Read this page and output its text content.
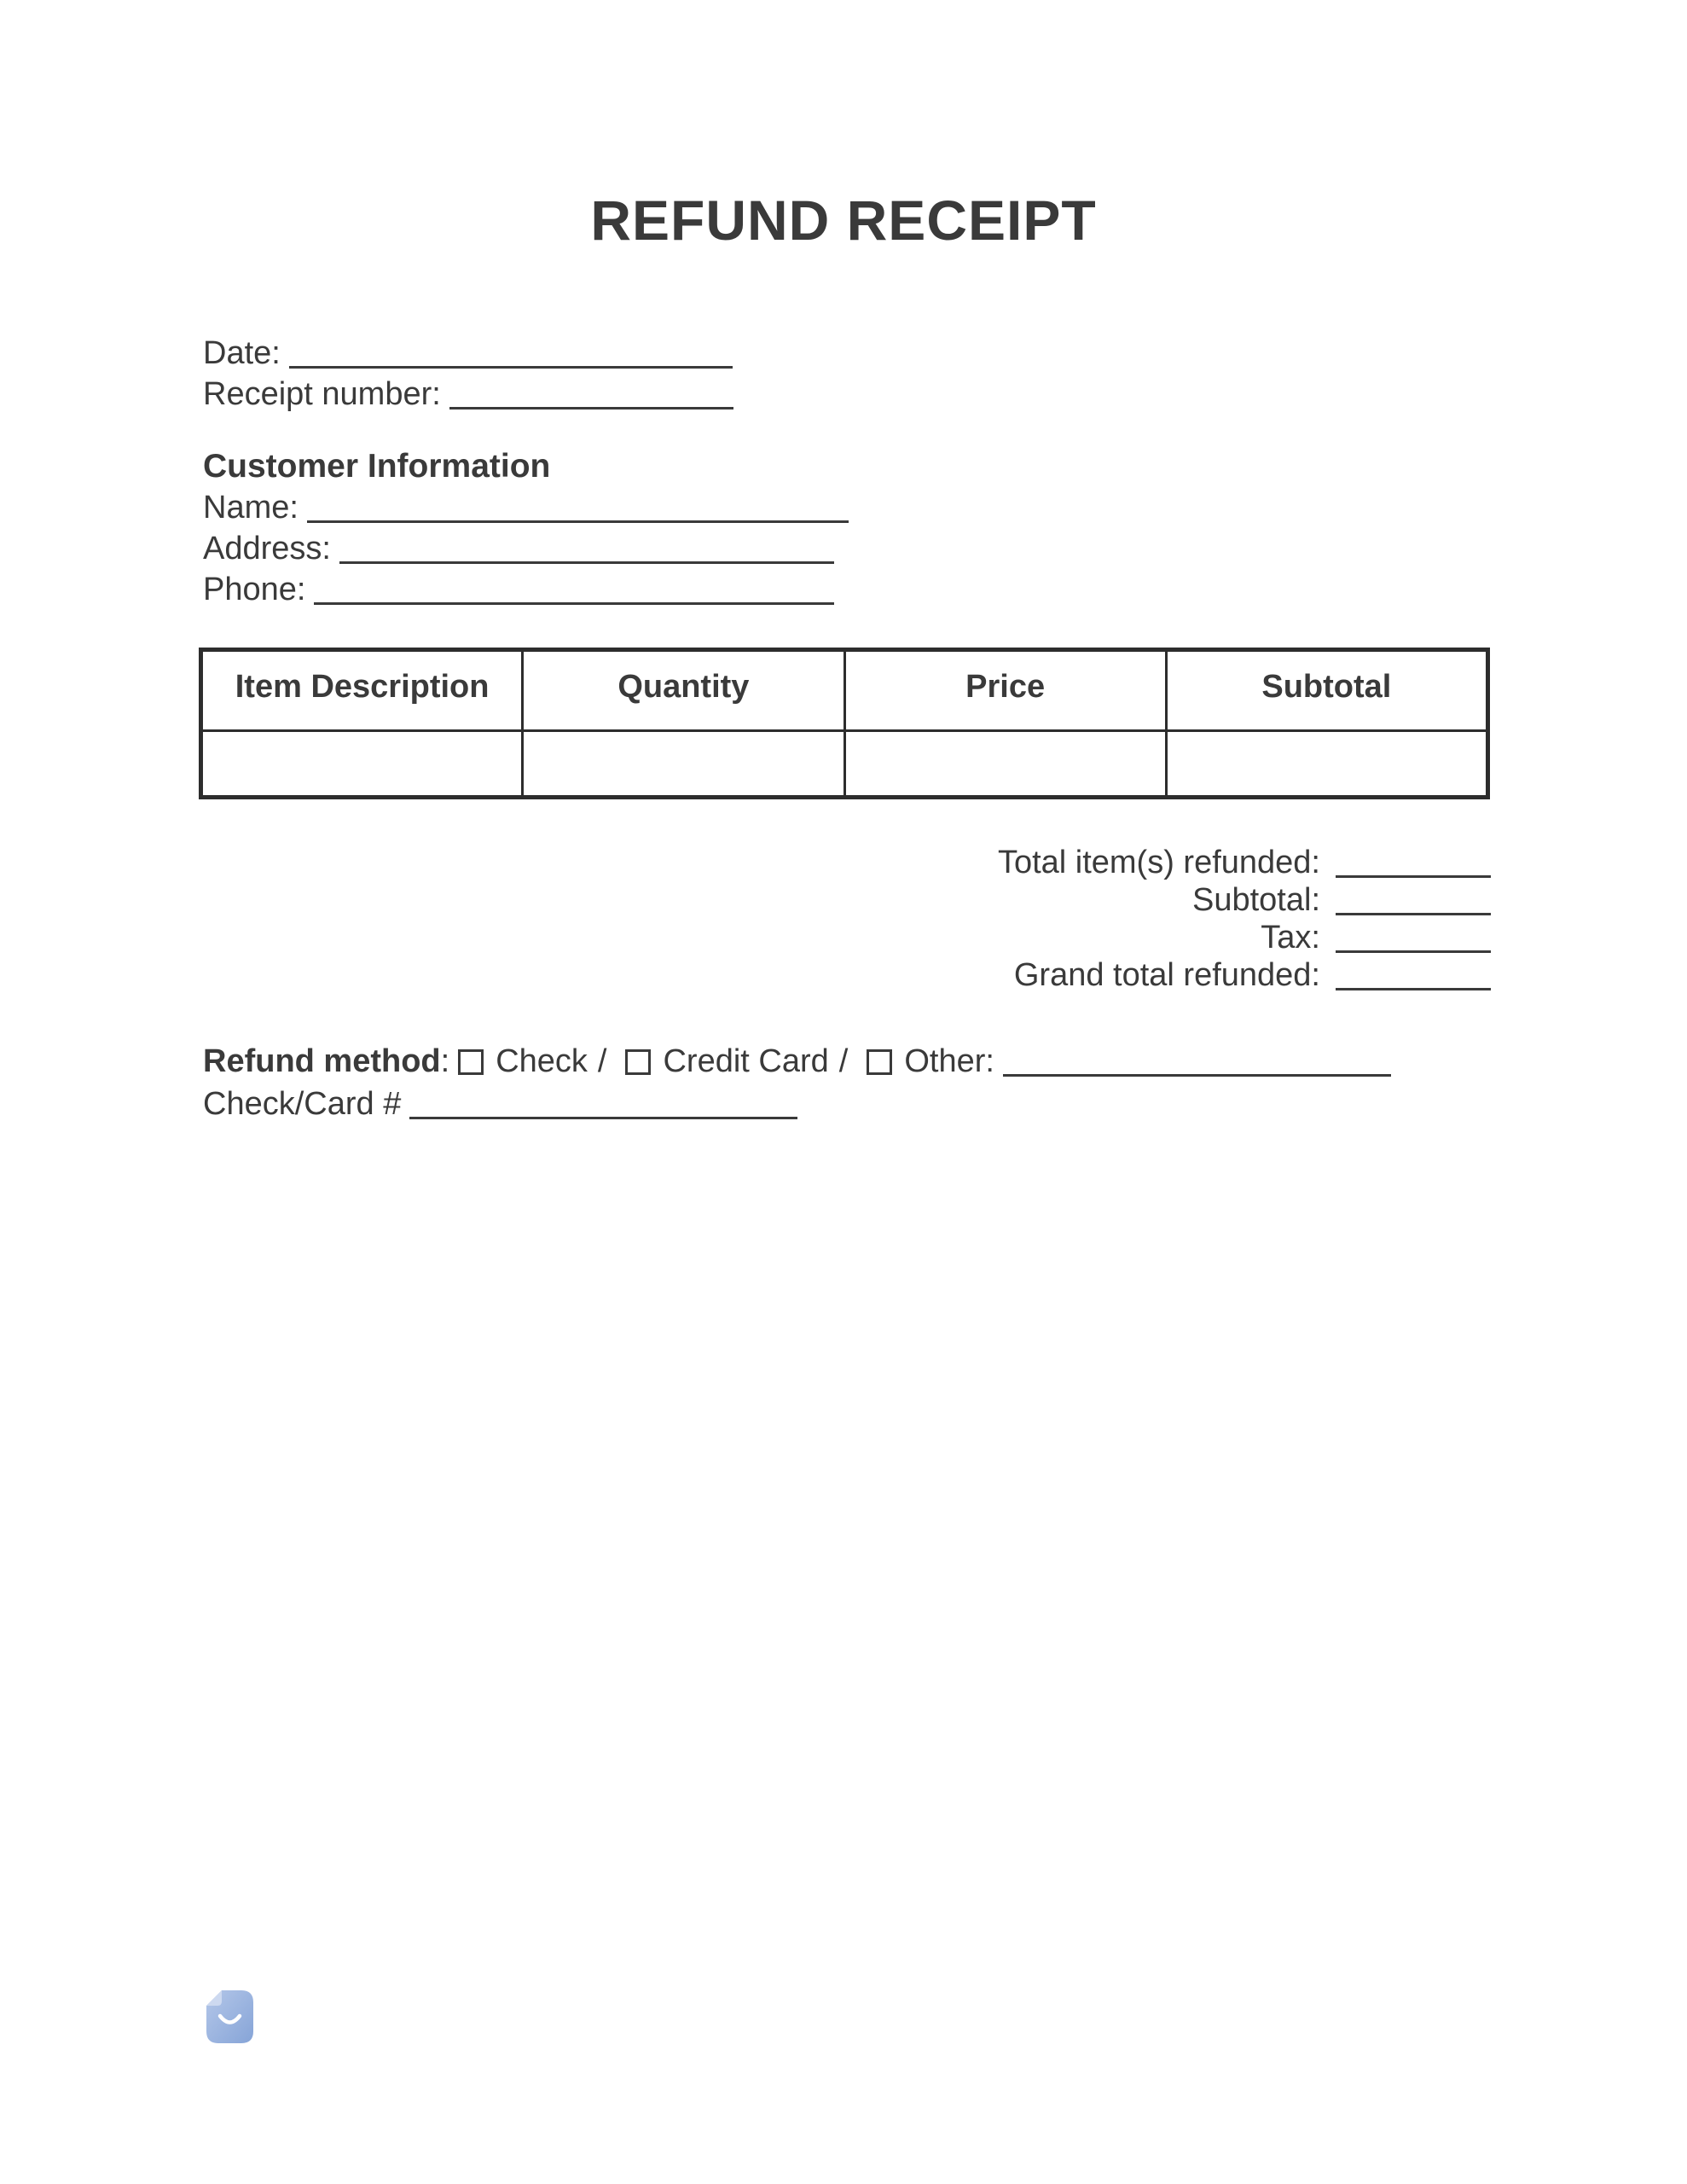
REFUND RECEIPT
Date:
Receipt number:
Customer Information
Name:
Address:
Phone:
Item Description	Quantity	Price	Subtotal

Total item(s) refunded:
Subtotal:
Tax:
Grand total refunded:
Refund method: Check / Credit Card / Other:
Check/Card #
